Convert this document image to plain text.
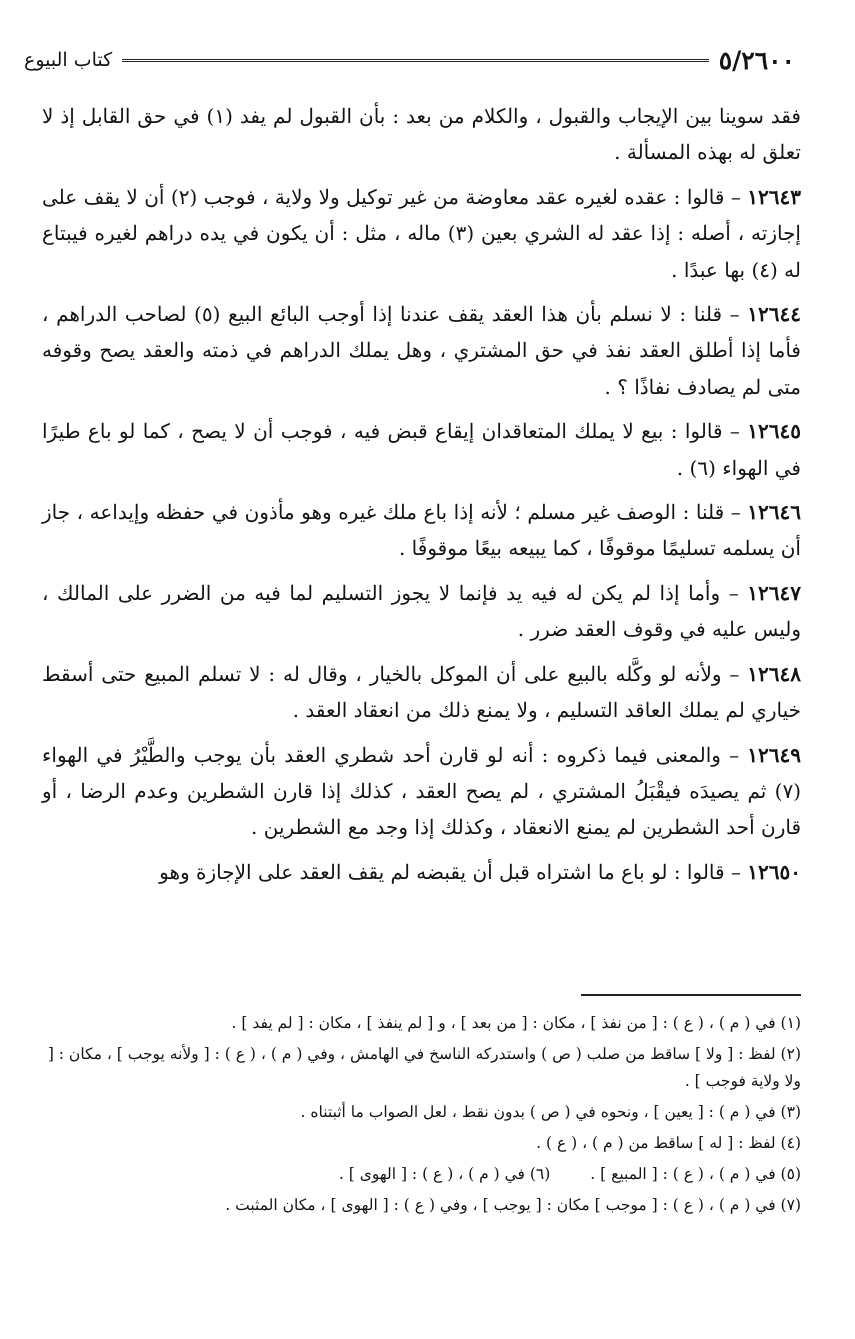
٥/٢٦٠٠
كتاب البيوع

فقد سوينا بين الإيجاب والقبول ، والكلام من بعد : بأن القبول لم يفد (١) في حق القابل إذ لا تعلق له بهذه المسألة .

١٢٦٤٣ – قالوا : عقده لغيره عقد معاوضة من غير توكيل ولا ولاية ، فوجب (٢) أن لا يقف على إجازته ، أصله : إذا عقد له الشري بعين (٣) ماله ، مثل : أن يكون في يده دراهم لغيره فيبتاع له (٤) بها عبدًا .

١٢٦٤٤ – قلنا : لا نسلم بأن هذا العقد يقف عندنا إذا أوجب البائع البيع (٥) لصاحب الدراهم ، فأما إذا أطلق العقد نفذ في حق المشتري ، وهل يملك الدراهم في ذمته والعقد يصح وقوفه متى لم يصادف نفاذًا ؟ .

١٢٦٤٥ – قالوا : بيع لا يملك المتعاقدان إيقاع قبض فيه ، فوجب أن لا يصح ، كما لو باع طيرًا في الهواء (٦) .

١٢٦٤٦ – قلنا : الوصف غير مسلم ؛ لأنه إذا باع ملك غيره وهو مأذون في حفظه وإيداعه ، جاز أن يسلمه تسليمًا موقوفًا ، كما يبيعه بيعًا موقوفًا .

١٢٦٤٧ – وأما إذا لم يكن له فيه يد فإنما لا يجوز التسليم لما فيه من الضرر على المالك ، وليس عليه في وقوف العقد ضرر .

١٢٦٤٨ – ولأنه لو وكَّله بالبيع على أن الموكل بالخيار ، وقال له : لا تسلم المبيع حتى أسقط خياري لم يملك العاقد التسليم ، ولا يمنع ذلك من انعقاد العقد .

١٢٦٤٩ – والمعنى فيما ذكروه : أنه لو قارن أحد شطري العقد بأن يوجب والطَّيْرُ في الهواء (٧) ثم يصيدَه فيقْبَلُ المشتري ، لم يصح العقد ، كذلك إذا قارن الشطرين وعدم الرضا ، أو قارن أحد الشطرين لم يمنع الانعقاد ، وكذلك إذا وجد مع الشطرين .

١٢٦٥٠ – قالوا : لو باع ما اشتراه قبل أن يقبضه لم يقف العقد على الإجازة وهو

(١) في ( م ) ، ( ع ) : [ من نفذ ] ، مكان : [ من بعد ] ، و [ لم ينفذ ] ، مكان : [ لم يفد ] .

(٢) لفظ : [ ولا ] ساقط من صلب ( ص ) واستدركه الناسخ في الهامش ، وفي ( م ) ، ( ع ) : [ ولأنه يوجب ] ، مكان : [ ولا ولاية فوجب ] .

(٣) في ( م ) : [ يعين ] ، ونحوه في ( ص ) بدون نقط ، لعل الصواب ما أثبتناه .

(٤) لفظ : [ له ] ساقط من ( م ) ، ( ع ) .

(٥) في ( م ) ، ( ع ) : [ المبيع ] .
(٦) في ( م ) ، ( ع ) : [ الهوى ] .

(٧) في ( م ) ، ( ع ) : [ موجب ] مكان : [ يوجب ] ، وفي ( ع ) : [ الهوى ] ، مكان المثبت .
